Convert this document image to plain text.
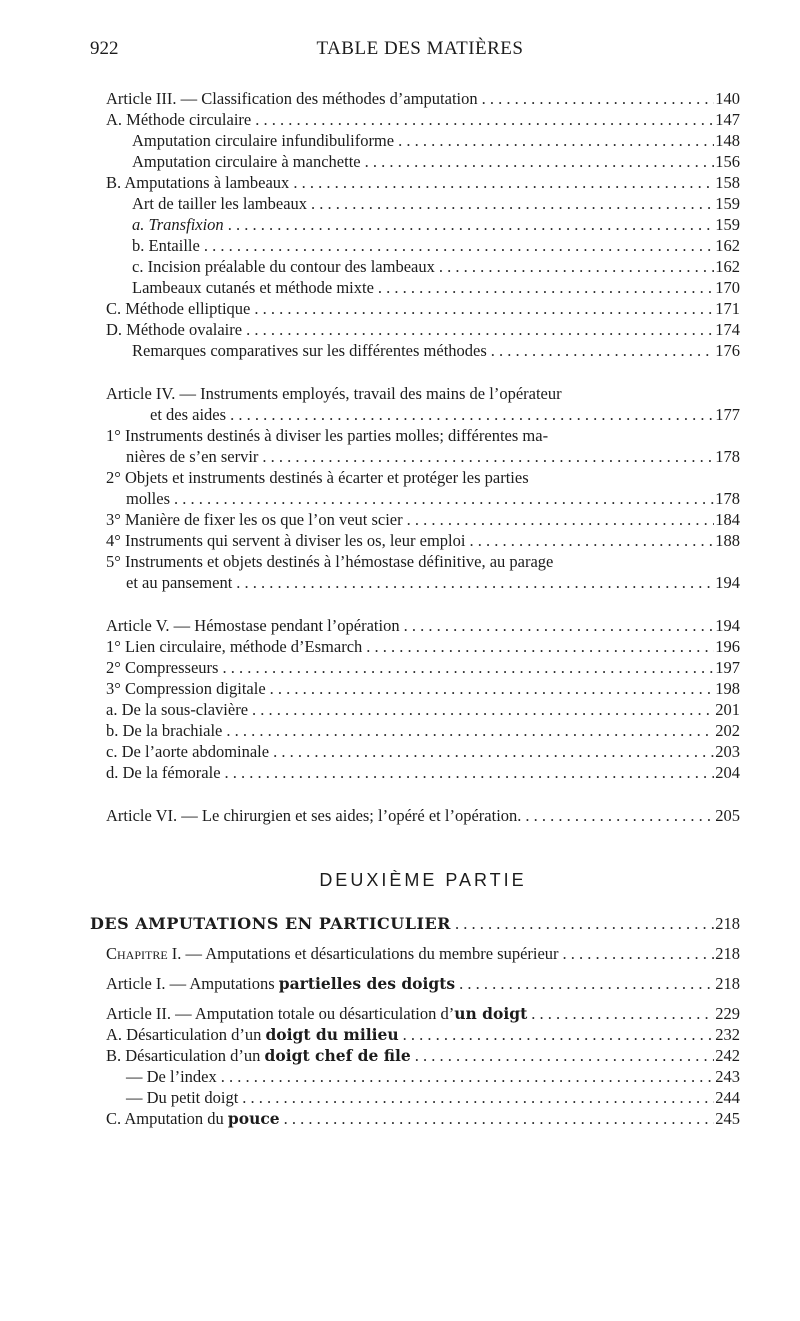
922	TABLE DES MATIÈRES
Article III. — Classification des méthodes d’amputation . . .	140
A. Méthode circulaire . . .	147
Amputation circulaire infundibuliforme . . .	148
Amputation circulaire à manchette . . .	156
B. Amputations à lambeaux . . .	158
Art de tailler les lambeaux . . .	159
a. Transfixion . . .	159
b. Entaille . . .	162
c. Incision préalable du contour des lambeaux . . .	162
Lambeaux cutanés et méthode mixte . . .	170
C. Méthode elliptique . . .	171
D. Méthode ovalaire . . .	174
Remarques comparatives sur les différentes méthodes . . .	176
Article IV. — Instruments employés, travail des mains de l’opérateur
et des aides . . .	177
1° Instruments destinés à diviser les parties molles; différentes ma-
nières de s’en servir . . .	178
2° Objets et instruments destinés à écarter et protéger les parties
molles . . .	178
3° Manière de fixer les os que l’on veut scier . . .	184
4° Instruments qui servent à diviser les os, leur emploi . . .	188
5° Instruments et objets destinés à l’hémostase définitive, au parage
et au pansement . . .	194
Article V. — Hémostase pendant l’opération . . .	194
1° Lien circulaire, méthode d’Esmarch . . .	196
2° Compresseurs . . .	197
3° Compression digitale . . .	198
a. De la sous-clavière . . .	201
b. De la brachiale . . .	202
c. De l’aorte abdominale . . .	203
d. De la fémorale . . .	204
Article VI. — Le chirurgien et ses aides; l’opéré et l’opération. . . .	205
DEUXIÈME PARTIE
DES AMPUTATIONS EN PARTICULIER . . .	218
Chapitre I. — Amputations et désarticulations du membre supérieur . . .	218
Article I. — Amputations partielles des doigts . . .	218
Article II. — Amputation totale ou désarticulation d’un doigt . . .	229
A. Désarticulation d’un doigt du milieu . . .	232
B. Désarticulation d’un doigt chef de file . . .	242
— De l’index . . .	243
— Du petit doigt . . .	244
C. Amputation du pouce . . .	245
